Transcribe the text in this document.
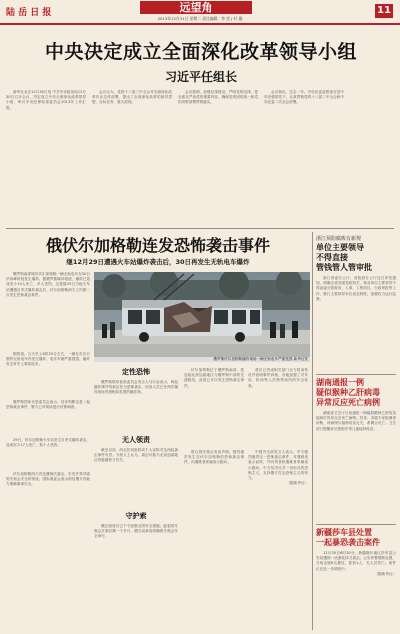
陆 岳 日 报	远望角
2013年12月31日 星期二 责任编辑：李 彦 | 叶 璇
11
中央决定成立全面深化改革领导小组
习近平任组长

新华社北京12月30日电 中共中央政治局12月30日召开会议，决定成立中央全面深化改革领导小组，审议中央纪律检查委员会2013年工作汇报。

会议认为，党的十八届三中全会对全面深化改革作出总体部署，提出了全面深化改革的指导思想、目标任务、重大原则。

会议强调，加强纪律建设，严明党的纪律，是全面从严治党的重要内容，确保党的团结统一和党的决策部署贯彻落实。

会议指出，过去一年，中央纪委监察部在党中央坚强领导下，认真贯彻党的十八届二中全会和中央纪委二次全会部署。

浙江预防腐败有新规
单位主要领导
不得直接
管钱管人管审批

浙江省委办公厅、省政府办公厅近日印发通知，明确全省各级党政机关、事业单位主要领导不得直接分管财务、人事、工程项目、行政审批等工作，推行主要领导末位表态制度，加强权力运行监督。

湖南通报一例
疑似猴种乙肝病毒
异常反应死亡病例

湖南省卫生厅日前通报一例疑似猴种乙肝疫苗接种后异常反应死亡病例。经省、市级专家组调查诊断，该病例与接种疫苗无关，系偶合死亡。卫生部门提醒家长按程序带儿童接种疫苗。

新疆莎车县处置
一起暴恐袭击案件

12月30日6时30分，新疆喀什地区莎车县公安局遭到一伙暴徒持刀袭击。公安民警果断处置，当场击毙8名暴徒，抓获1人，无人员伤亡。案件正在进一步调查中。

（据新华社）

俄伏尔加格勒连发恐怖袭击事件
继12月29日遭遇火车站爆炸袭击后，30日再发生无轨电车爆炸

俄罗斯南部城市伏尔加格勒一辆无轨电车在30日早高峰时段发生爆炸。据俄罗斯媒体报道，爆炸已造成至少14人死亡、多人受伤。这是继29日当地火车站遭遇自杀式爆炸袭击后，伏尔加格勒两天之内第二次发生恐怖袭击事件。

俄罗斯伏尔加格勒爆炸现场一辆无轨电车严重受损 新华社发

据报道，当天早上8时25分左右，一辆在市区行驶的无轨电车内发生爆炸，电车车厢严重损毁。爆炸发生时车上乘客较多。

俄罗斯国家反恐委员会表示，初步判断这是一起恐怖袭击事件，警方已对现场进行封锁调查。

29日，伏尔加格勒火车站发生自杀式爆炸袭击，造成至少17人死亡、数十人受伤。

定性恐怖

俄罗斯联邦侦查委员会发言人马尔金表示，两起爆炸事件均被定性为恐怖袭击，侦查人员已在两次爆炸现场发现相同类型的爆炸物。

无人领责

截至目前，尚无任何组织或个人宣称对这两起袭击事件负责。分析人士认为，袭击可能与北高加索地区的极端势力有关。

守护索

俄总统普京已下令加强全国安全措施。距索契冬奥会开幕仅剩一个多月，俄当局承诺将确保冬奥会安全举行。

伏尔加格勒两天内连遭两次袭击，引发外界对索契冬奥会安全的担忧。国际奥委会表示相信俄方有能力保障赛事安全。

伏尔加格勒位于俄罗斯南部，是连接北高加索地区与俄罗斯中部的交通枢纽，此前已多次发生恐怖袭击事件。

普京已责成相关部门全力救治伤员并查明事件真相，各地加强了对车站、机场等人员密集场所的安全检查。

联合国安理会发表声明，强烈谴责发生在伏尔加格勒的恐怖袭击事件，向遇难者家属表示慰问。

中国外交部发言人表示，中方强烈谴责这一恐怖袭击事件，对遇难者表示哀悼，并向伤者和遇难者家属表示慰问。中方坚决反对一切形式的恐怖主义，支持俄方打击恐怖主义的努力。

（据新华社）
